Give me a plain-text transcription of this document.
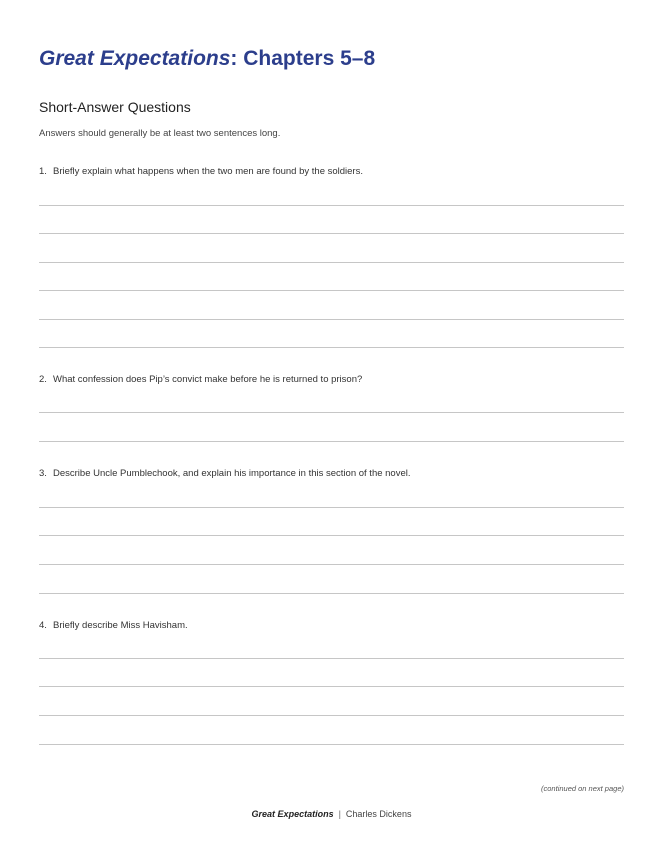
Great Expectations: Chapters 5–8
Short-Answer Questions

Answers should generally be at least two sentences long.

1. Briefly explain what happens when the two men are found by the soldiers.

2. What confession does Pip’s convict make before he is returned to prison?

3. Describe Uncle Pumblechook, and explain his importance in this section of the novel.

4. Briefly describe Miss Havisham.

(continued on next page)
Great Expectations | Charles Dickens
